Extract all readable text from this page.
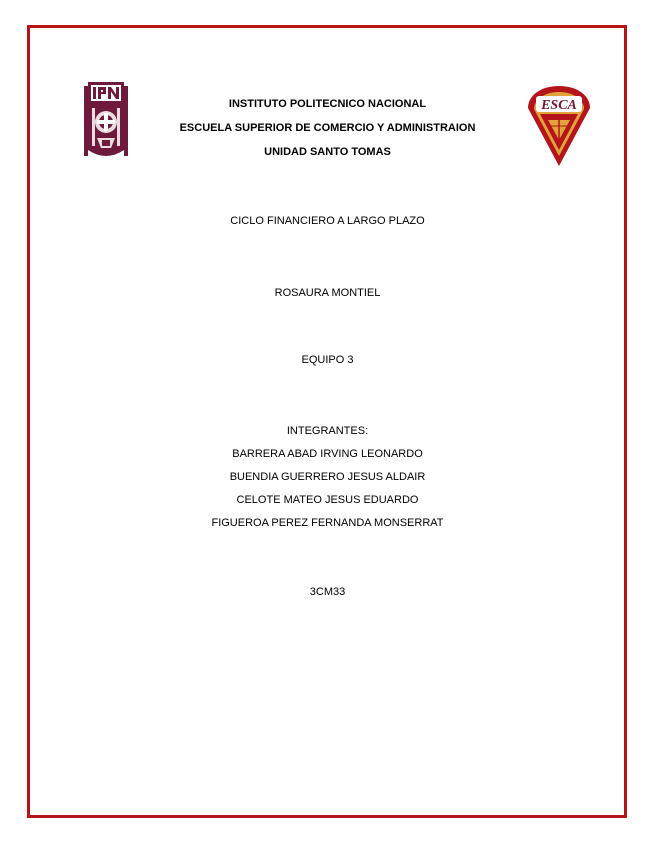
IPN
ESCA
INSTITUTO POLITECNICO NACIONAL
ESCUELA SUPERIOR DE COMERCIO Y ADMINISTRAION
UNIDAD SANTO TOMAS
CICLO FINANCIERO A LARGO PLAZO
ROSAURA MONTIEL
EQUIPO 3
INTEGRANTES:
BARRERA ABAD IRVING LEONARDO
BUENDIA GUERRERO JESUS ALDAIR
CELOTE MATEO JESUS EDUARDO
FIGUEROA PEREZ FERNANDA MONSERRAT
3CM33
